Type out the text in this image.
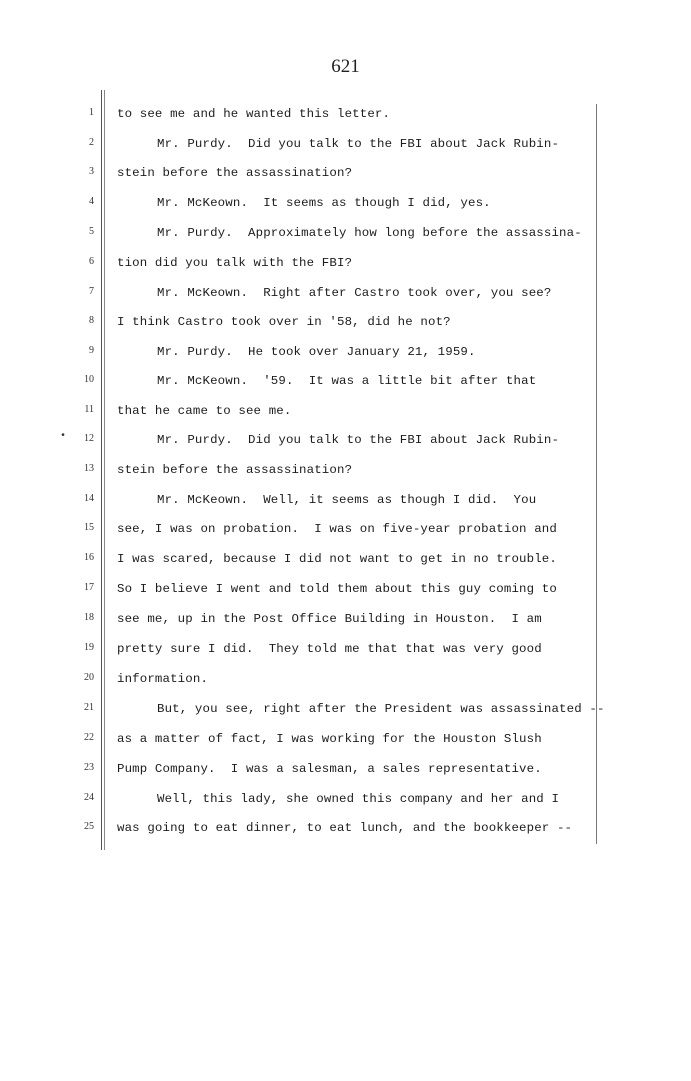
621
•
1 to see me and he wanted this letter.
2	Mr. Purdy.  Did you talk to the FBI about Jack Rubin-
3 stein before the assassination?
4	Mr. McKeown.  It seems as though I did, yes.
5	Mr. Purdy.  Approximately how long before the assassina-
6 tion did you talk with the FBI?
7	Mr. McKeown.  Right after Castro took over, you see?
8 I think Castro took over in '58, did he not?
9	Mr. Purdy.  He took over January 21, 1959.
10	Mr. McKeown.  '59.  It was a little bit after that
11 that he came to see me.
12	Mr. Purdy.  Did you talk to the FBI about Jack Rubin-
13 stein before the assassination?
14	Mr. McKeown.  Well, it seems as though I did.  You
15 see, I was on probation.  I was on five-year probation and
16 I was scared, because I did not want to get in no trouble.
17 So I believe I went and told them about this guy coming to
18 see me, up in the Post Office Building in Houston.  I am
19 pretty sure I did.  They told me that that was very good
20 information.
21	But, you see, right after the President was assassinated --
22 as a matter of fact, I was working for the Houston Slush
23 Pump Company.  I was a salesman, a sales representative.
24	Well, this lady, she owned this company and her and I
25 was going to eat dinner, to eat lunch, and the bookkeeper --
